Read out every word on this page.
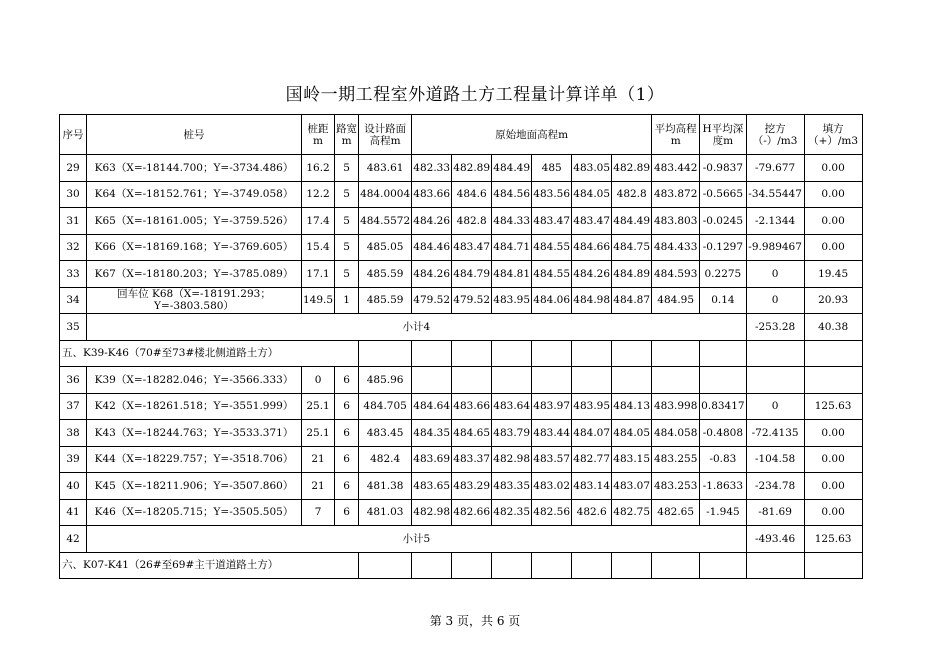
国岭一期工程室外道路土方工程量计算详单（1）
序号	桩号	桩距m	路宽m	设计路面高程m	原始地面高程m						平均高程m	H平均深度m	挖方（-）/m3	填方（+）/m3
29	K63（X=-18144.700；Y=-3734.486）	16.2	5	483.61	482.33	482.89	484.49	485	483.05	482.89	483.442	-0.9837	-79.677	0.00
30	K64（X=-18152.761；Y=-3749.058）	12.2	5	484.0004	483.66	484.6	484.56	483.56	484.05	482.8	483.872	-0.5665	-34.55447	0.00
31	K65（X=-18161.005；Y=-3759.526）	17.4	5	484.5572	484.26	482.8	484.33	483.47	483.47	484.49	483.803	-0.0245	-2.1344	0.00
32	K66（X=-18169.168；Y=-3769.605）	15.4	5	485.05	484.46	483.47	484.71	484.55	484.66	484.75	484.433	-0.1297	-9.989467	0.00
33	K67（X=-18180.203；Y=-3785.089）	17.1	5	485.59	484.26	484.79	484.81	484.55	484.26	484.89	484.593	0.2275	0	19.45
34	回车位 K68（X=-18191.293；Y=-3803.580）	149.5	1	485.59	479.52	479.52	483.95	484.06	484.98	484.87	484.95	0.14	0	20.93
35	小计4												-253.28	40.38
五、K39-K46（70#至73#楼北侧道路土方）														
36	K39（X=-18282.046；Y=-3566.333）	0	6	485.96										
37	K42（X=-18261.518；Y=-3551.999）	25.1	6	484.705	484.64	483.66	483.64	483.97	483.95	484.13	483.998	0.83417	0	125.63
38	K43（X=-18244.763；Y=-3533.371）	25.1	6	483.45	484.35	484.65	483.79	483.44	484.07	484.05	484.058	-0.4808	-72.4135	0.00
39	K44（X=-18229.757；Y=-3518.706）	21	6	482.4	483.69	483.37	482.98	483.57	482.77	483.15	483.255	-0.83	-104.58	0.00
40	K45（X=-18211.906；Y=-3507.860）	21	6	481.38	483.65	483.29	483.35	483.02	483.14	483.07	483.253	-1.8633	-234.78	0.00
41	K46（X=-18205.715；Y=-3505.505）	7	6	481.03	482.98	482.66	482.35	482.56	482.6	482.75	482.65	-1.945	-81.69	0.00
42	小计5												-493.46	125.63
六、K07-K41（26#至69#主干道道路土方）														
第 3 页，共 6 页
